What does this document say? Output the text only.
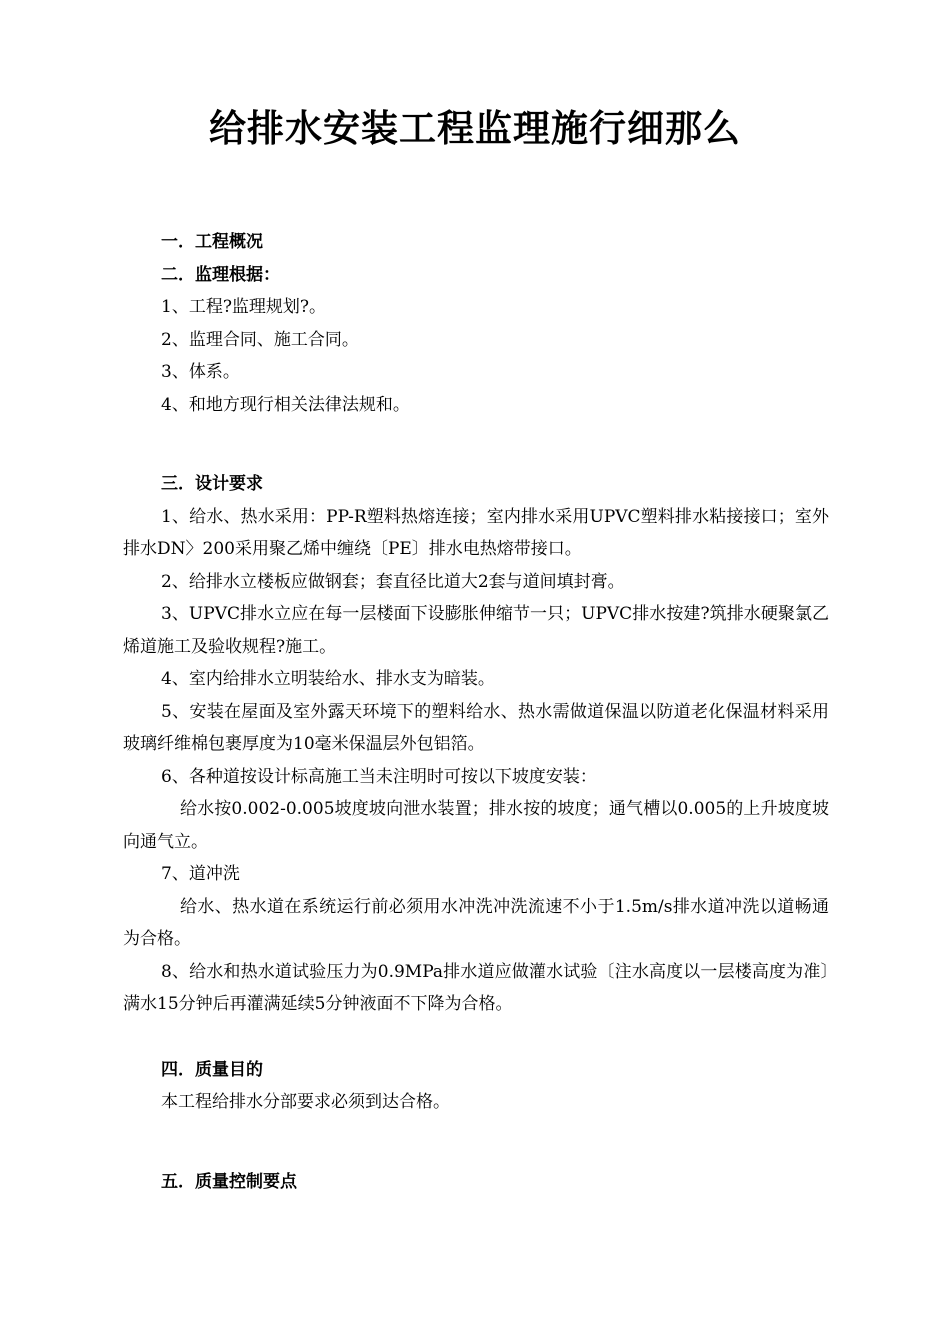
给排水安装工程监理施行细那么

一．工程概况

二．监理根据：

1、工程?监理规划?。

2、监理合同、施工合同。

3、体系。

4、和地方现行相关法律法规和。

三．设计要求

1、给水、热水采用：PP-R塑料热熔连接；室内排水采用UPVC塑料排水粘接接口；室外排水DN〉200采用聚乙烯中缠绕〔PE〕排水电热熔带接口。

2、给排水立楼板应做钢套；套直径比道大2套与道间填封膏。

3、UPVC排水立应在每一层楼面下设膨胀伸缩节一只；UPVC排水按建?筑排水硬聚氯乙烯道施工及验收规程?施工。

4、室内给排水立明装给水、排水支为暗装。

5、安装在屋面及室外露天环境下的塑料给水、热水需做道保温以防道老化保温材料采用玻璃纤维棉包裹厚度为10毫米保温层外包铝箔。

6、各种道按设计标高施工当未注明时可按以下坡度安装：

给水按0.002-0.005坡度坡向泄水装置；排水按的坡度；通气槽以0.005的上升坡度坡向通气立。

7、道冲洗

给水、热水道在系统运行前必须用水冲洗冲洗流速不小于1.5m/s排水道冲洗以道畅通为合格。

8、给水和热水道试验压力为0.9MPa排水道应做灌水试验〔注水高度以一层楼高度为准〕满水15分钟后再灌满延续5分钟液面不下降为合格。

四．质量目的

本工程给排水分部要求必须到达合格。

五．质量控制要点
